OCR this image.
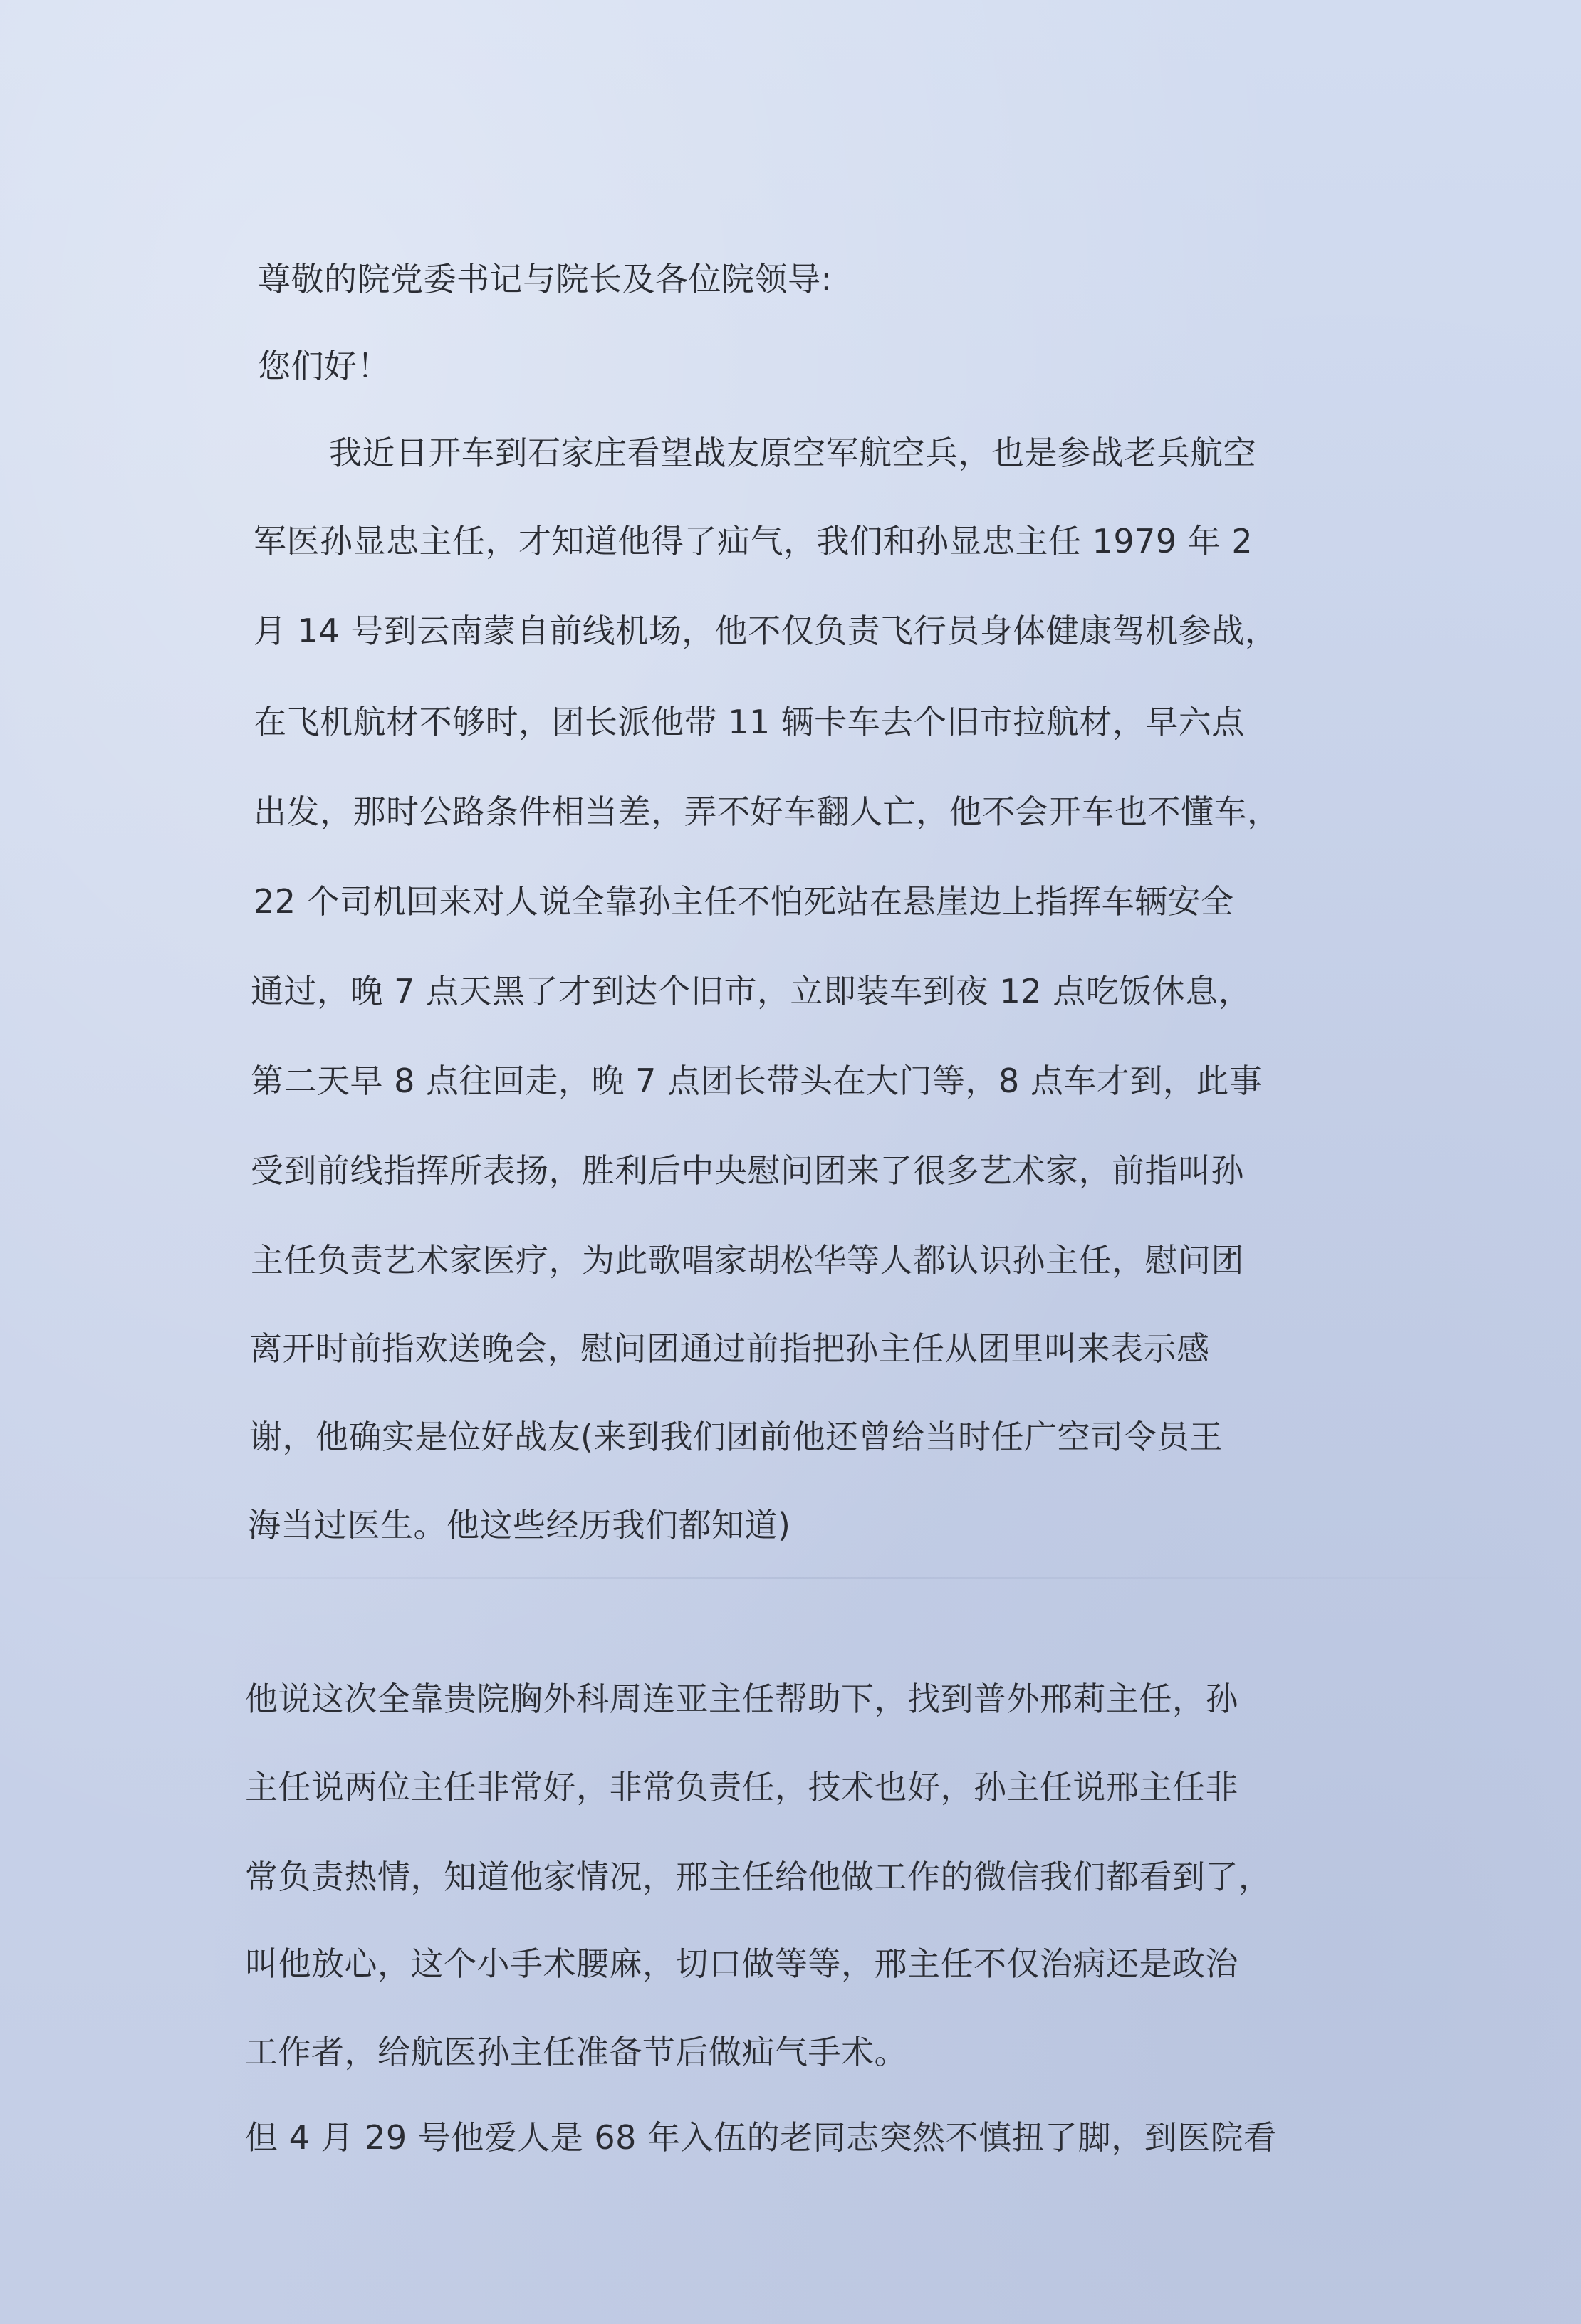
尊敬的院党委书记与院长及各位院领导:
您们好！
我近日开车到石家庄看望战友原空军航空兵，也是参战老兵航空
军医孙显忠主任，才知道他得了疝气，我们和孙显忠主任 1979 年 2
月 14 号到云南蒙自前线机场，他不仅负责飞行员身体健康驾机参战，
在飞机航材不够时，团长派他带 11 辆卡车去个旧市拉航材，早六点
出发，那时公路条件相当差，弄不好车翻人亡，他不会开车也不懂车，
22 个司机回来对人说全靠孙主任不怕死站在悬崖边上指挥车辆安全
通过，晚 7 点天黑了才到达个旧市，立即装车到夜 12 点吃饭休息，
第二天早 8 点往回走，晚 7 点团长带头在大门等，8 点车才到，此事
受到前线指挥所表扬，胜利后中央慰问团来了很多艺术家，前指叫孙
主任负责艺术家医疗，为此歌唱家胡松华等人都认识孙主任，慰问团
离开时前指欢送晚会，慰问团通过前指把孙主任从团里叫来表示感
谢，他确实是位好战友(来到我们团前他还曾给当时任广空司令员王
海当过医生。他这些经历我们都知道)
他说这次全靠贵院胸外科周连亚主任帮助下，找到普外邢莉主任，孙
主任说两位主任非常好，非常负责任，技术也好，孙主任说邢主任非
常负责热情，知道他家情况，邢主任给他做工作的微信我们都看到了，
叫他放心，这个小手术腰麻，切口做等等，邢主任不仅治病还是政治
工作者，给航医孙主任准备节后做疝气手术。
但 4 月 29 号他爱人是 68 年入伍的老同志突然不慎扭了脚，到医院看
